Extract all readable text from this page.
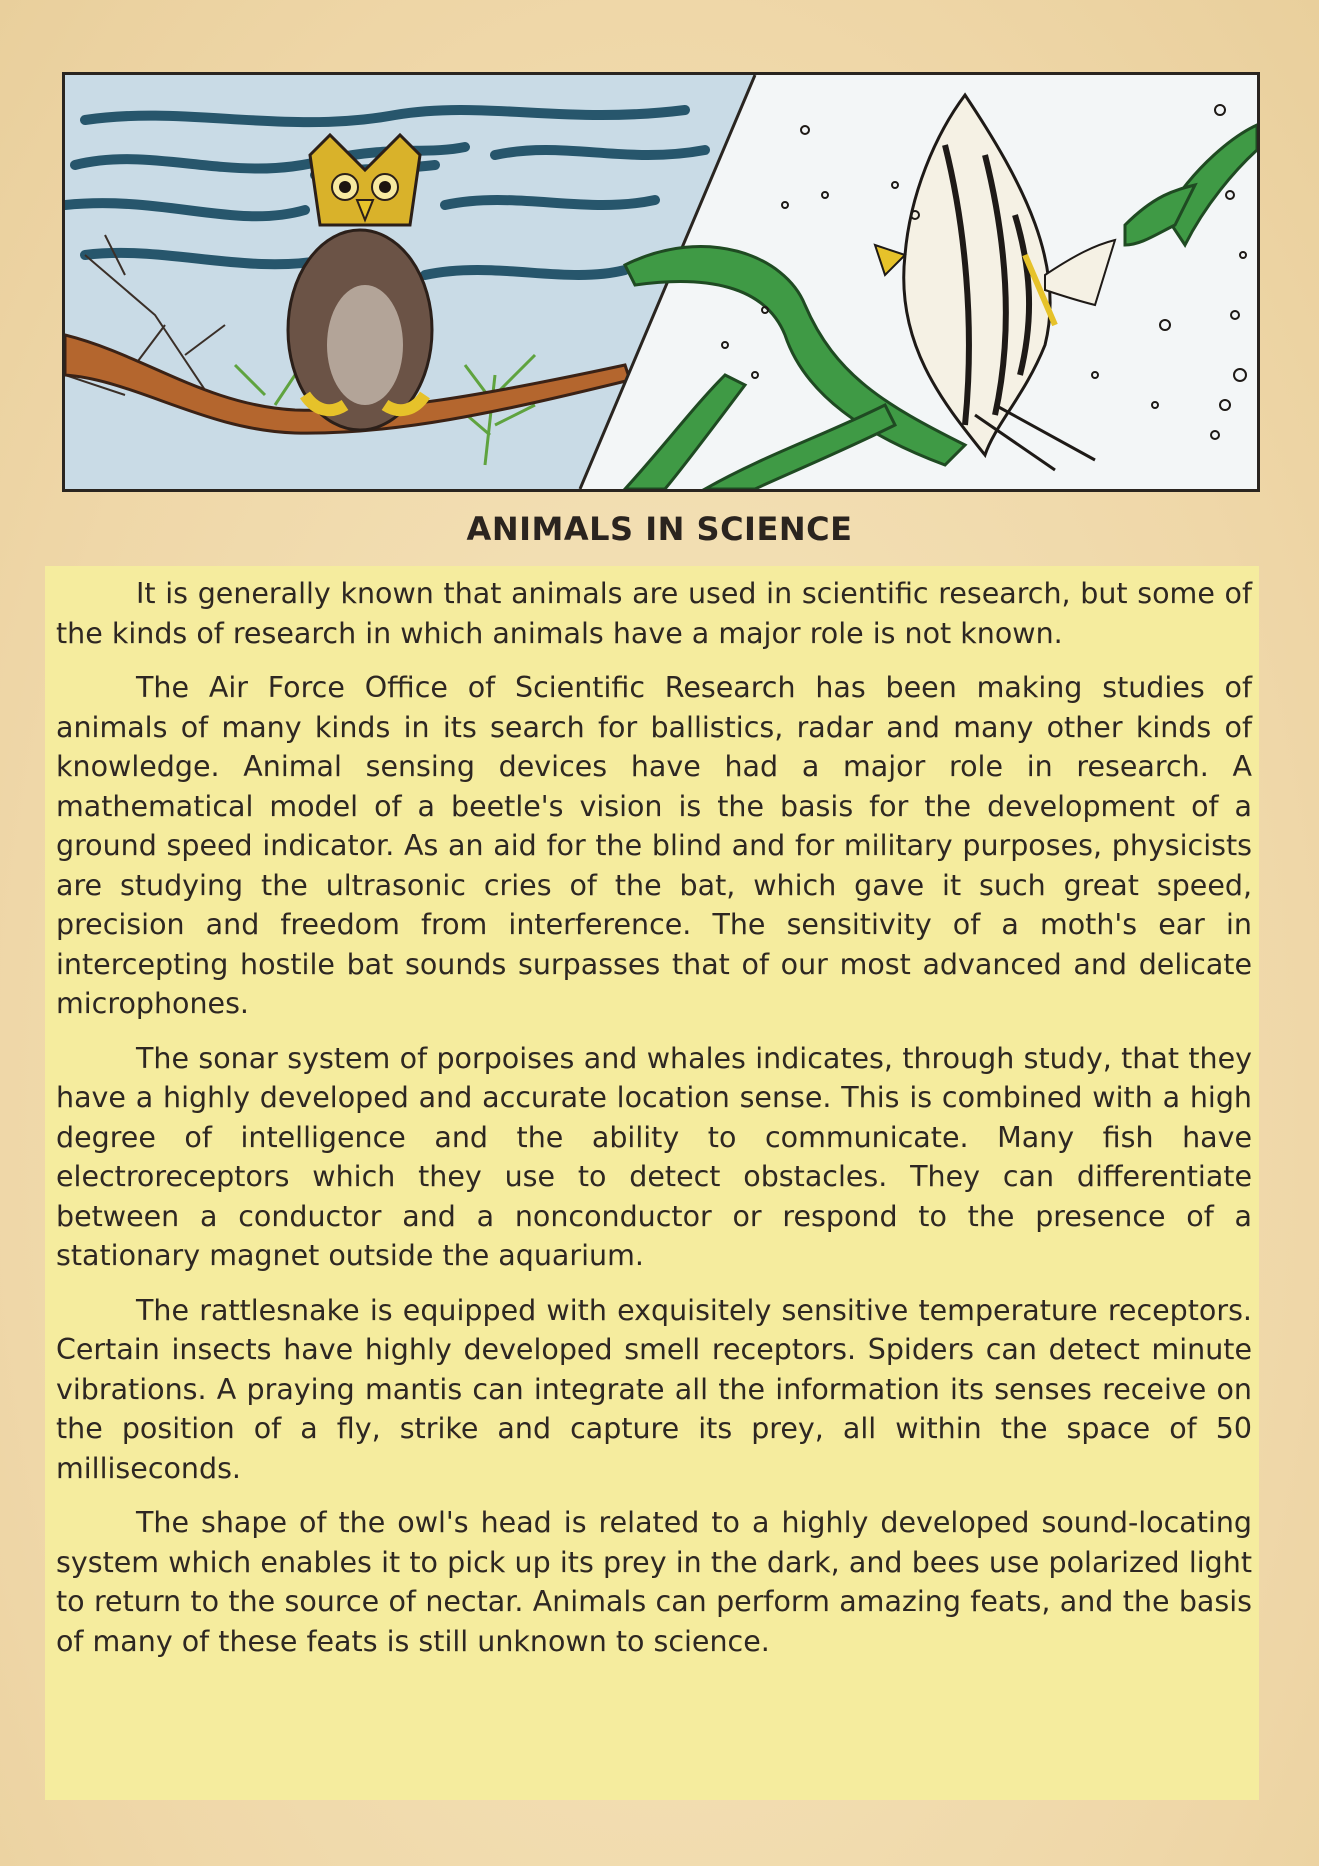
ANIMALS IN SCIENCE

It is generally known that animals are used in scientific research, but some of the kinds of research in which animals have a major role is not known.

The Air Force Office of Scientific Research has been making studies of animals of many kinds in its search for ballistics, radar and many other kinds of knowledge. Animal sensing devices have had a major role in research. A mathematical model of a beetle's vision is the basis for the development of a ground speed indicator. As an aid for the blind and for military purposes, physicists are studying the ultrasonic cries of the bat, which gave it such great speed, precision and freedom from interference. The sensitivity of a moth's ear in intercepting hostile bat sounds surpasses that of our most advanced and delicate microphones.

The sonar system of porpoises and whales indicates, through study, that they have a highly developed and accurate location sense. This is combined with a high degree of intelligence and the ability to communicate. Many fish have electroreceptors which they use to detect obstacles. They can differentiate between a conductor and a nonconductor or respond to the presence of a stationary magnet outside the aquarium.

The rattlesnake is equipped with exquisitely sensitive temperature receptors. Certain insects have highly developed smell receptors. Spiders can detect minute vibrations. A praying mantis can integrate all the information its senses receive on the position of a fly, strike and capture its prey, all within the space of 50 milliseconds.

The shape of the owl's head is related to a highly developed sound-locating system which enables it to pick up its prey in the dark, and bees use polarized light to return to the source of nectar. Animals can perform amazing feats, and the basis of many of these feats is still unknown to science.
